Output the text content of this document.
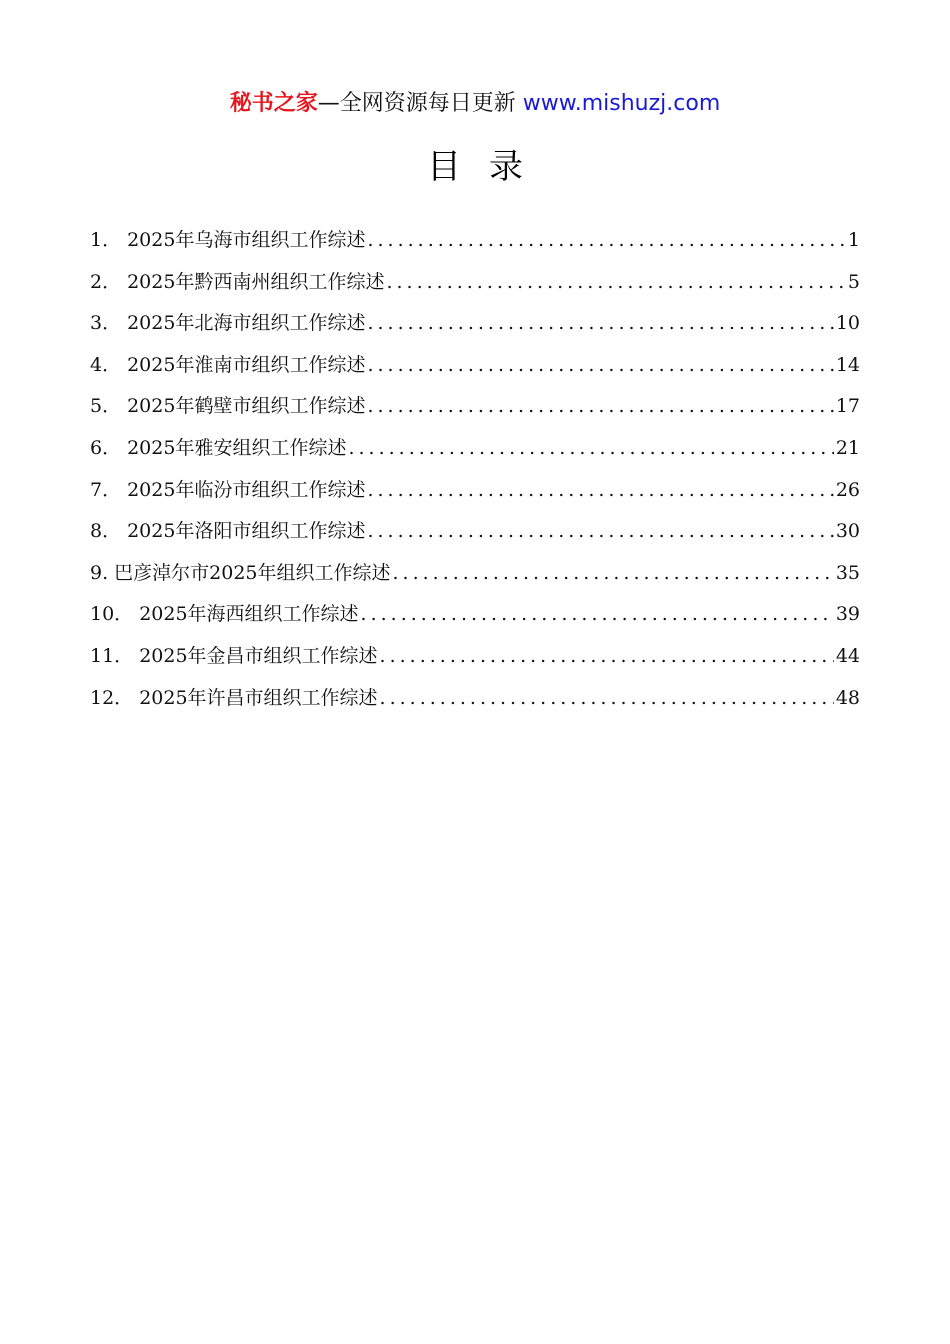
秘书之家—全网资源每日更新 www.mishuzj.com
目录
1． 2025年乌海市组织工作综述 .....	1
2． 2025年黔西南州组织工作综述 .....	5
3． 2025年北海市组织工作综述 .....	10
4． 2025年淮南市组织工作综述 .....	14
5． 2025年鹤壁市组织工作综述 .....	17
6． 2025年雅安组织工作综述 .....	21
7． 2025年临汾市组织工作综述 .....	26
8． 2025年洛阳市组织工作综述 .....	30
9. 巴彦淖尔市2025年组织工作综述 .....	35
10． 2025年海西组织工作综述 .....	39
11． 2025年金昌市组织工作综述 .....	44
12． 2025年许昌市组织工作综述 .....	48
